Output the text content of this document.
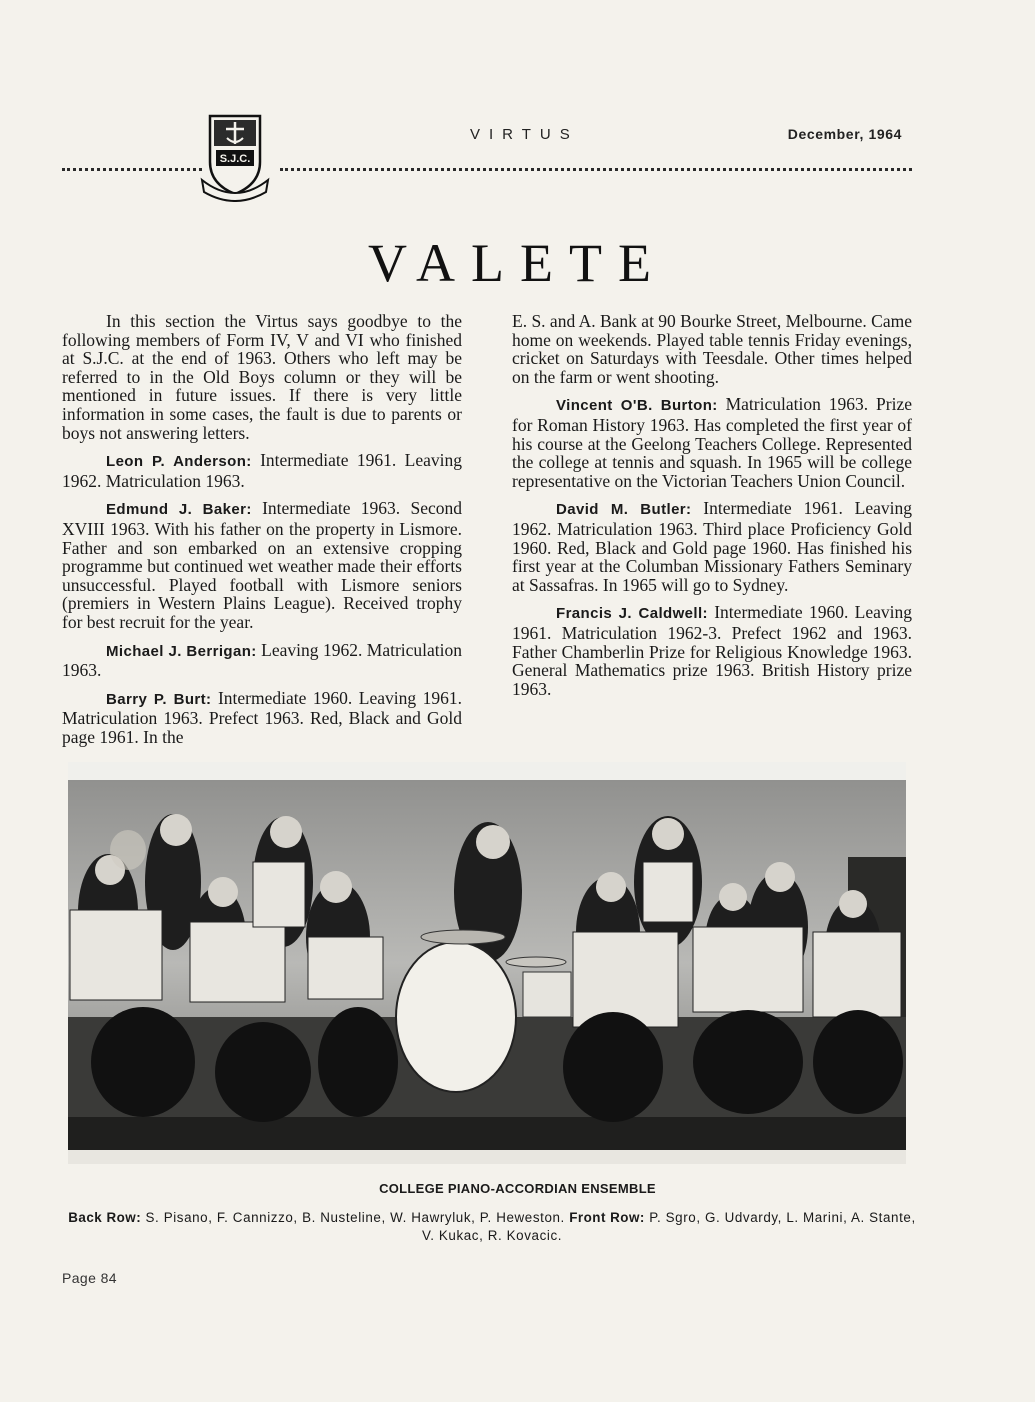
S.J.C.
VIRTUS	December, 1964
VALETE

In this section the Virtus says goodbye to the following members of Form IV, V and VI who finished at S.J.C. at the end of 1963. Others who left may be referred to in the Old Boys column or they will be mentioned in future issues. If there is very little information in some cases, the fault is due to parents or boys not answering letters.

Leon P. Anderson: Intermediate 1961. Leaving 1962. Matriculation 1963.

Edmund J. Baker: Intermediate 1963. Second XVIII 1963. With his father on the property in Lismore. Father and son embarked on an extensive cropping programme but continued wet weather made their efforts unsuccessful. Played football with Lismore seniors (premiers in Western Plains League). Received trophy for best recruit for the year.

Michael J. Berrigan: Leaving 1962. Matriculation 1963.

Barry P. Burt: Intermediate 1960. Leaving 1961. Matriculation 1963. Prefect 1963. Red, Black and Gold page 1961. In the

E. S. and A. Bank at 90 Bourke Street, Melbourne. Came home on weekends. Played table tennis Friday evenings, cricket on Saturdays with Teesdale. Other times helped on the farm or went shooting.

Vincent O'B. Burton: Matriculation 1963. Prize for Roman History 1963. Has completed the first year of his course at the Geelong Teachers College. Represented the college at tennis and squash. In 1965 will be college representative on the Victorian Teachers Union Council.

David M. Butler: Intermediate 1961. Leaving 1962. Matriculation 1963. Third place Proficiency Gold 1960. Red, Black and Gold page 1960. Has finished his first year at the Columban Missionary Fathers Seminary at Sassafras. In 1965 will go to Sydney.

Francis J. Caldwell: Intermediate 1960. Leaving 1961. Matriculation 1962-3. Prefect 1962 and 1963. Father Chamberlin Prize for Religious Knowledge 1963. General Mathematics prize 1963. British History prize 1963.

COLLEGE PIANO-ACCORDIAN ENSEMBLE
Back Row: S. Pisano, F. Cannizzo, B. Nusteline, W. Hawryluk, P. Heweston. Front Row: P. Sgro, G. Udvardy, L. Marini, A. Stante, V. Kukac, R. Kovacic.
Page 84
